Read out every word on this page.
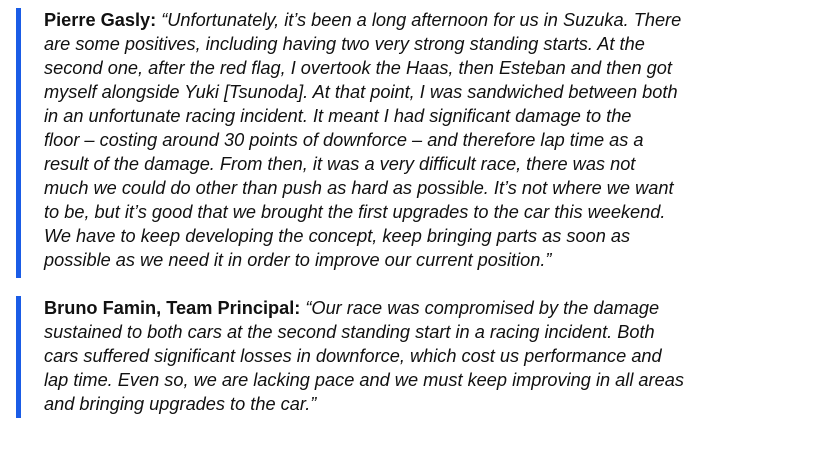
Pierre Gasly: “Unfortunately, it’s been a long afternoon for us in Suzuka. There
are some positives, including having two very strong standing starts. At the
second one, after the red flag, I overtook the Haas, then Esteban and then got
myself alongside Yuki [Tsunoda]. At that point, I was sandwiched between both
in an unfortunate racing incident. It meant I had significant damage to the
floor – costing around 30 points of downforce – and therefore lap time as a
result of the damage. From then, it was a very difficult race, there was not
much we could do other than push as hard as possible. It’s not where we want
to be, but it’s good that we brought the first upgrades to the car this weekend.
We have to keep developing the concept, keep bringing parts as soon as
possible as we need it in order to improve our current position.”

Bruno Famin, Team Principal: “Our race was compromised by the damage
sustained to both cars at the second standing start in a racing incident. Both
cars suffered significant losses in downforce, which cost us performance and
lap time. Even so, we are lacking pace and we must keep improving in all areas
and bringing upgrades to the car.”
